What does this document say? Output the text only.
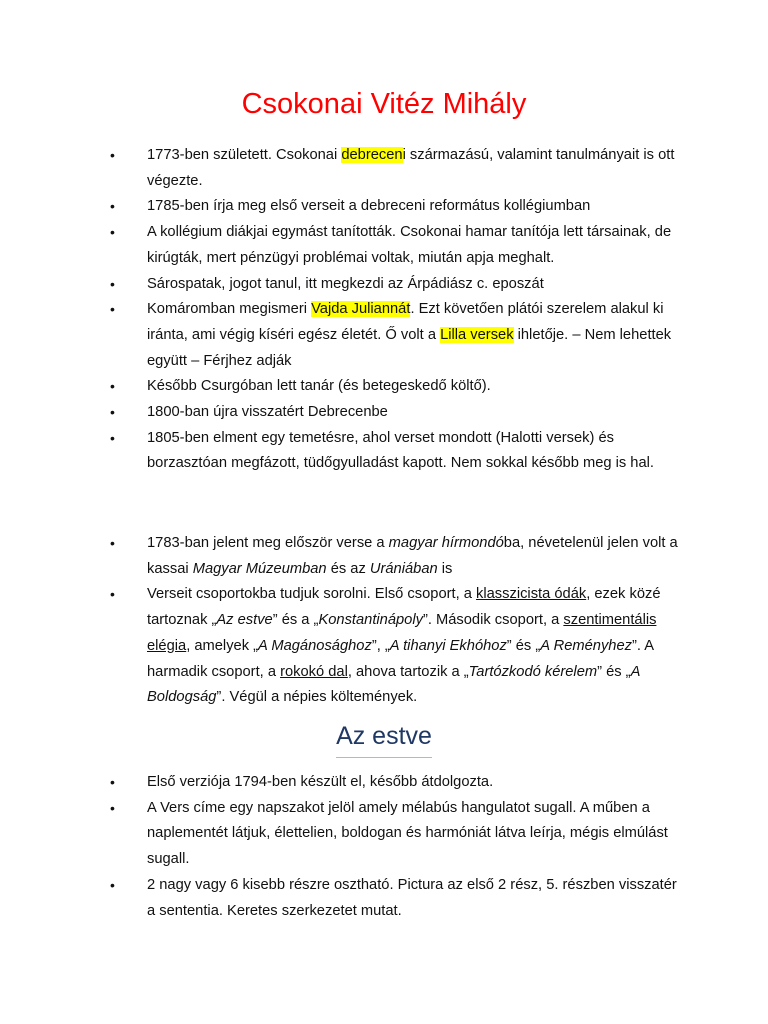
Csokonai Vitéz Mihály
• 1773-ben született. Csokonai debreceni származású, valamint tanulmányait is ott végezte.
• 1785-ben írja meg első verseit a debreceni református kollégiumban
• A kollégium diákjai egymást tanították. Csokonai hamar tanítója lett társainak, de kirúgták, mert pénzügyi problémai voltak, miután apja meghalt.
• Sárospatak, jogot tanul, itt megkezdi az Árpádiász c. eposzát
• Komáromban megismeri Vajda Juliannát. Ezt követően plátói szerelem alakul ki iránta, ami végig kíséri egész életét. Ő volt a Lilla versek ihletője. – Nem lehettek együtt – Férjhez adják
• Később Csurgóban lett tanár (és betegeskedő költő).
• 1800-ban újra visszatért Debrecenbe
• 1805-ben elment egy temetésre, ahol verset mondott (Halotti versek) és borzasztóan megfázott, tüdőgyulladást kapott. Nem sokkal később meg is hal.
• 1783-ban jelent meg először verse a magyar hírmondóba, névetelenül jelen volt a kassai Magyar Múzeumban és az Urániában is
• Verseit csoportokba tudjuk sorolni. Első csoport, a klasszicista ódák, ezek közé tartoznak „Az estve” és a „Konstantinápoly”. Második csoport, a szentimentális elégia, amelyek „A Magánosághoz”, „A tihanyi Ekhóhoz” és „A Reményhez”. A harmadik csoport, a rokokó dal, ahova tartozik a „Tartózkodó kérelem” és „A Boldogság”. Végül a népies költemények.
Az estve
• Első verziója 1794-ben készült el, később átdolgozta.
• A Vers címe egy napszakot jelöl amely mélabús hangulatot sugall. A műben a naplementét látjuk, élettelien, boldogan és harmóniát látva leírja, mégis elmúlást sugall.
• 2 nagy vagy 6 kisebb részre osztható. Pictura az első 2 rész, 5. részben visszatér a sententia. Keretes szerkezetet mutat.
